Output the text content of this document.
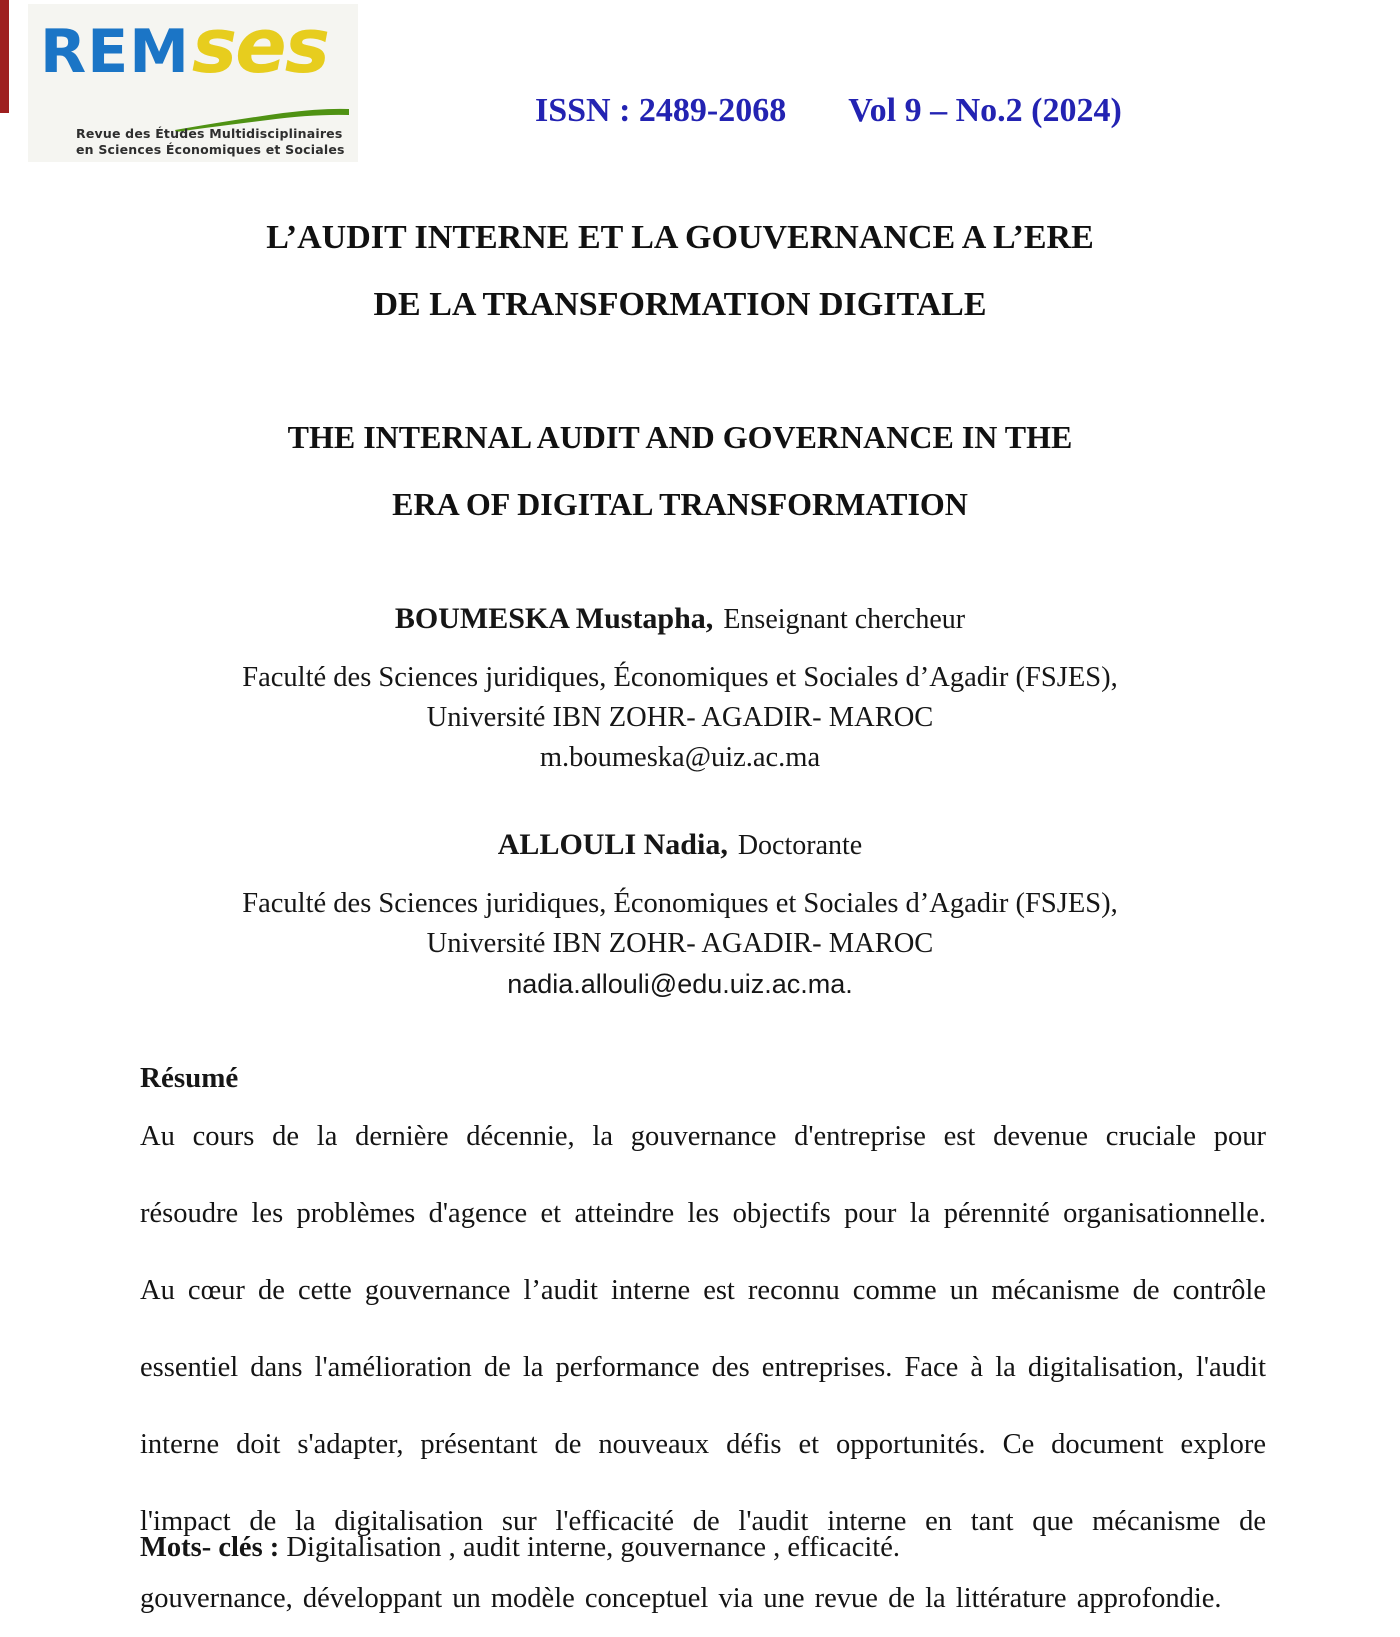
REM ses
Revue des Études Multidisciplinaires
en Sciences Économiques et Sociales
ISSN : 2489-2068 Vol 9 – No.2 (2024)
L’AUDIT INTERNE ET LA GOUVERNANCE A L’ERE
DE LA TRANSFORMATION DIGITALE
THE INTERNAL AUDIT AND GOVERNANCE IN THE
ERA OF DIGITAL TRANSFORMATION
BOUMESKA Mustapha, Enseignant chercheur
Faculté des Sciences juridiques, Économiques et Sociales d’Agadir (FSJES),
Université IBN ZOHR- AGADIR- MAROC
m.boumeska@uiz.ac.ma
ALLOULI Nadia, Doctorante
Faculté des Sciences juridiques, Économiques et Sociales d’Agadir (FSJES),
Université IBN ZOHR- AGADIR- MAROC
nadia.allouli@edu.uiz.ac.ma.
Résumé

Au cours de la dernière décennie, la gouvernance d'entreprise est devenue cruciale pour résoudre les problèmes d'agence et atteindre les objectifs pour la pérennité organisationnelle. Au cœur de cette gouvernance l’audit interne est reconnu comme un mécanisme de contrôle essentiel dans l'amélioration de la performance des entreprises. Face à la digitalisation, l'audit interne doit s'adapter, présentant de nouveaux défis et opportunités. Ce document explore l'impact de la digitalisation sur l'efficacité de l'audit interne en tant que mécanisme de gouvernance, développant un modèle conceptuel via une revue de la littérature approfondie.

Mots- clés : Digitalisation , audit interne, gouvernance , efficacité.
